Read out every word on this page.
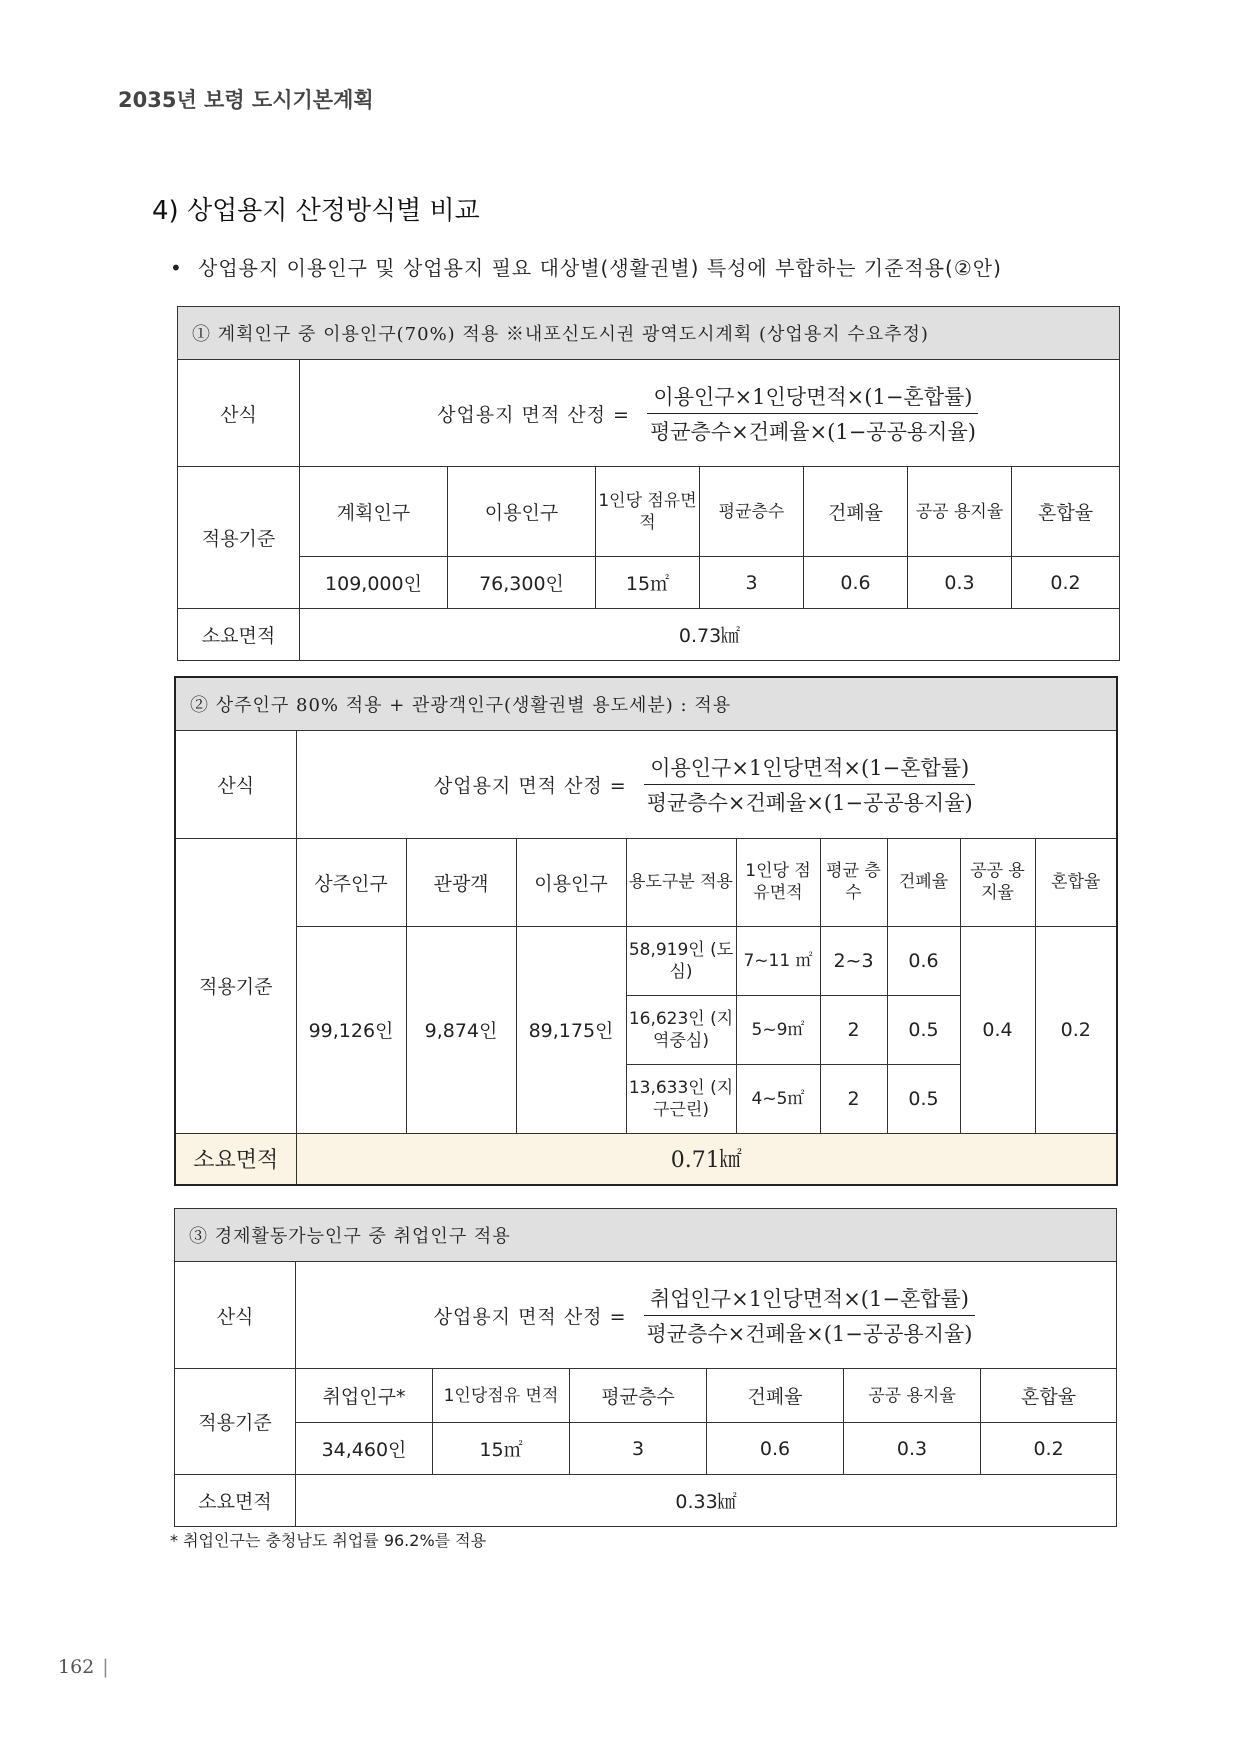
2035년 보령 도시기본계획
4) 상업용지 산정방식별 비교
• 상업용지 이용인구 및 상업용지 필요 대상별(생활권별) 특성에 부합하는 기준적용(②안)
① 계획인구 중 이용인구(70%) 적용 ※내포신도시권 광역도시계획 (상업용지 수요추정)							
산식	상업용지 면적 산정 = $\frac{\text{이용인구×1인당면적×(1−혼합률)}}{\text{평균층수×건폐율×(1−공공용지율)}}$

적용기준	계획인구	이용인구	1인당 점유면적	평균층수	건폐율	공공 용지율	혼합율
	109,000인	76,300인	15㎡	3	0.6	0.3	0.2
소요면적	0.73㎢						
② 상주인구 80% 적용 + 관광객인구(생활권별 용도세분) : 적용									
산식	상업용지 면적 산정 = $\frac{\text{이용인구×1인당면적×(1−혼합률)}}{\text{평균층수×건폐율×(1−공공용지율)}}$

적용기준	상주인구	관광객	이용인구	용도구분 적용	1인당 점유면적	평균 층수	건폐율	공공 용지율	혼합율
	99,126인	9,874인	89,175인	58,919인 (도심)	7~11 ㎡	2~3	0.6	0.4	0.2
				16,623인 (지역중심)	5~9㎡	2	0.5		
				13,633인 (지구근린)	4~5㎡	2	0.5		
소요면적	0.71㎢								
③ 경제활동가능인구 중 취업인구 적용						
산식	상업용지 면적 산정 = $\frac{\text{취업인구×1인당면적×(1−혼합률)}}{\text{평균층수×건폐율×(1−공공용지율)}}$

적용기준	취업인구*	1인당점유 면적	평균층수	건폐율	공공 용지율	혼합율
	34,460인	15㎡	3	0.6	0.3	0.2
소요면적	0.33㎢					
* 취업인구는 충청남도 취업률 96.2%를 적용
162 |
